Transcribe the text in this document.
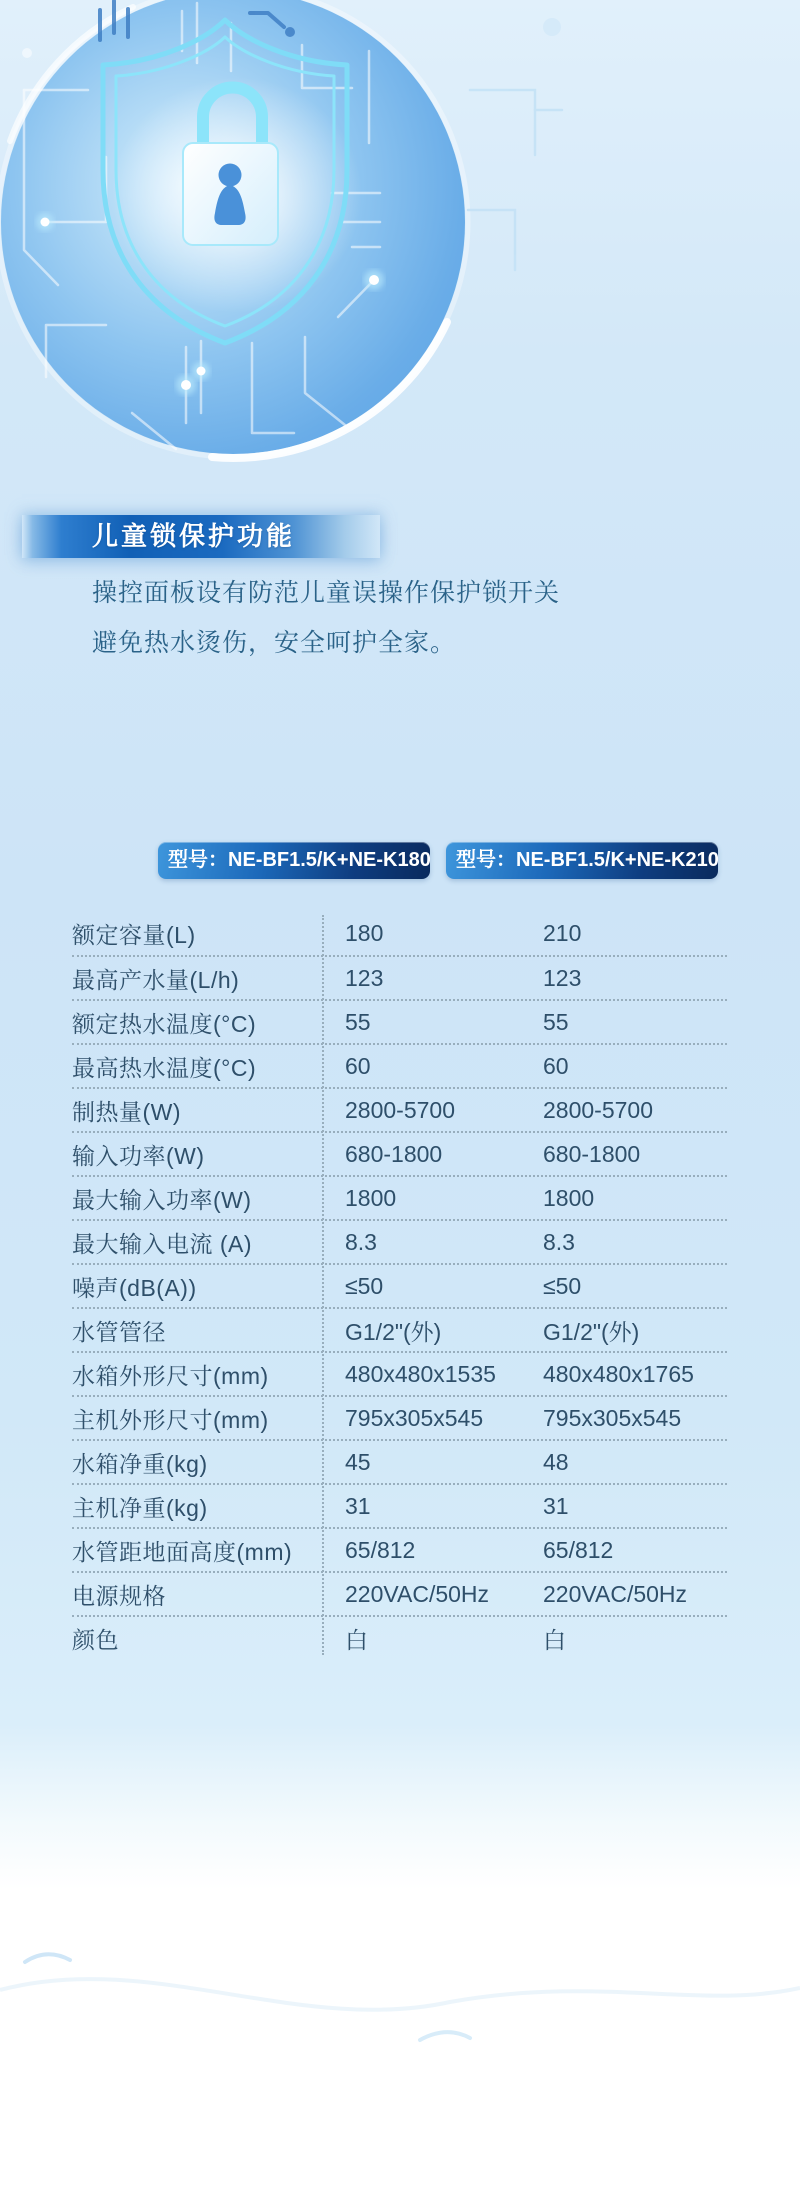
儿童锁保护功能
操控面板设有防范儿童误操作保护锁开关
避免热水烫伤，安全呵护全家。
型号：NE-BF1.5/K+NE-K180	型号：NE-BF1.5/K+NE-K210
额定容量(L)	180	210
最高产水量(L/h)	123	123
额定热水温度(°C)	55	55
最高热水温度(°C)	60	60
制热量(W)	2800-5700	2800-5700
输入功率(W)	680-1800	680-1800
最大输入功率(W)	1800	1800
最大输入电流 (A)	8.3	8.3
噪声(dB(A))	≤50	≤50
水管管径	G1/2"(外)	G1/2"(外)
水箱外形尺寸(mm)	480x480x1535	480x480x1765
主机外形尺寸(mm)	795x305x545	795x305x545
水箱净重(kg)	45	48
主机净重(kg)	31	31
水管距地面高度(mm)	65/812	65/812
电源规格	220VAC/50Hz	220VAC/50Hz
颜色	白	白
